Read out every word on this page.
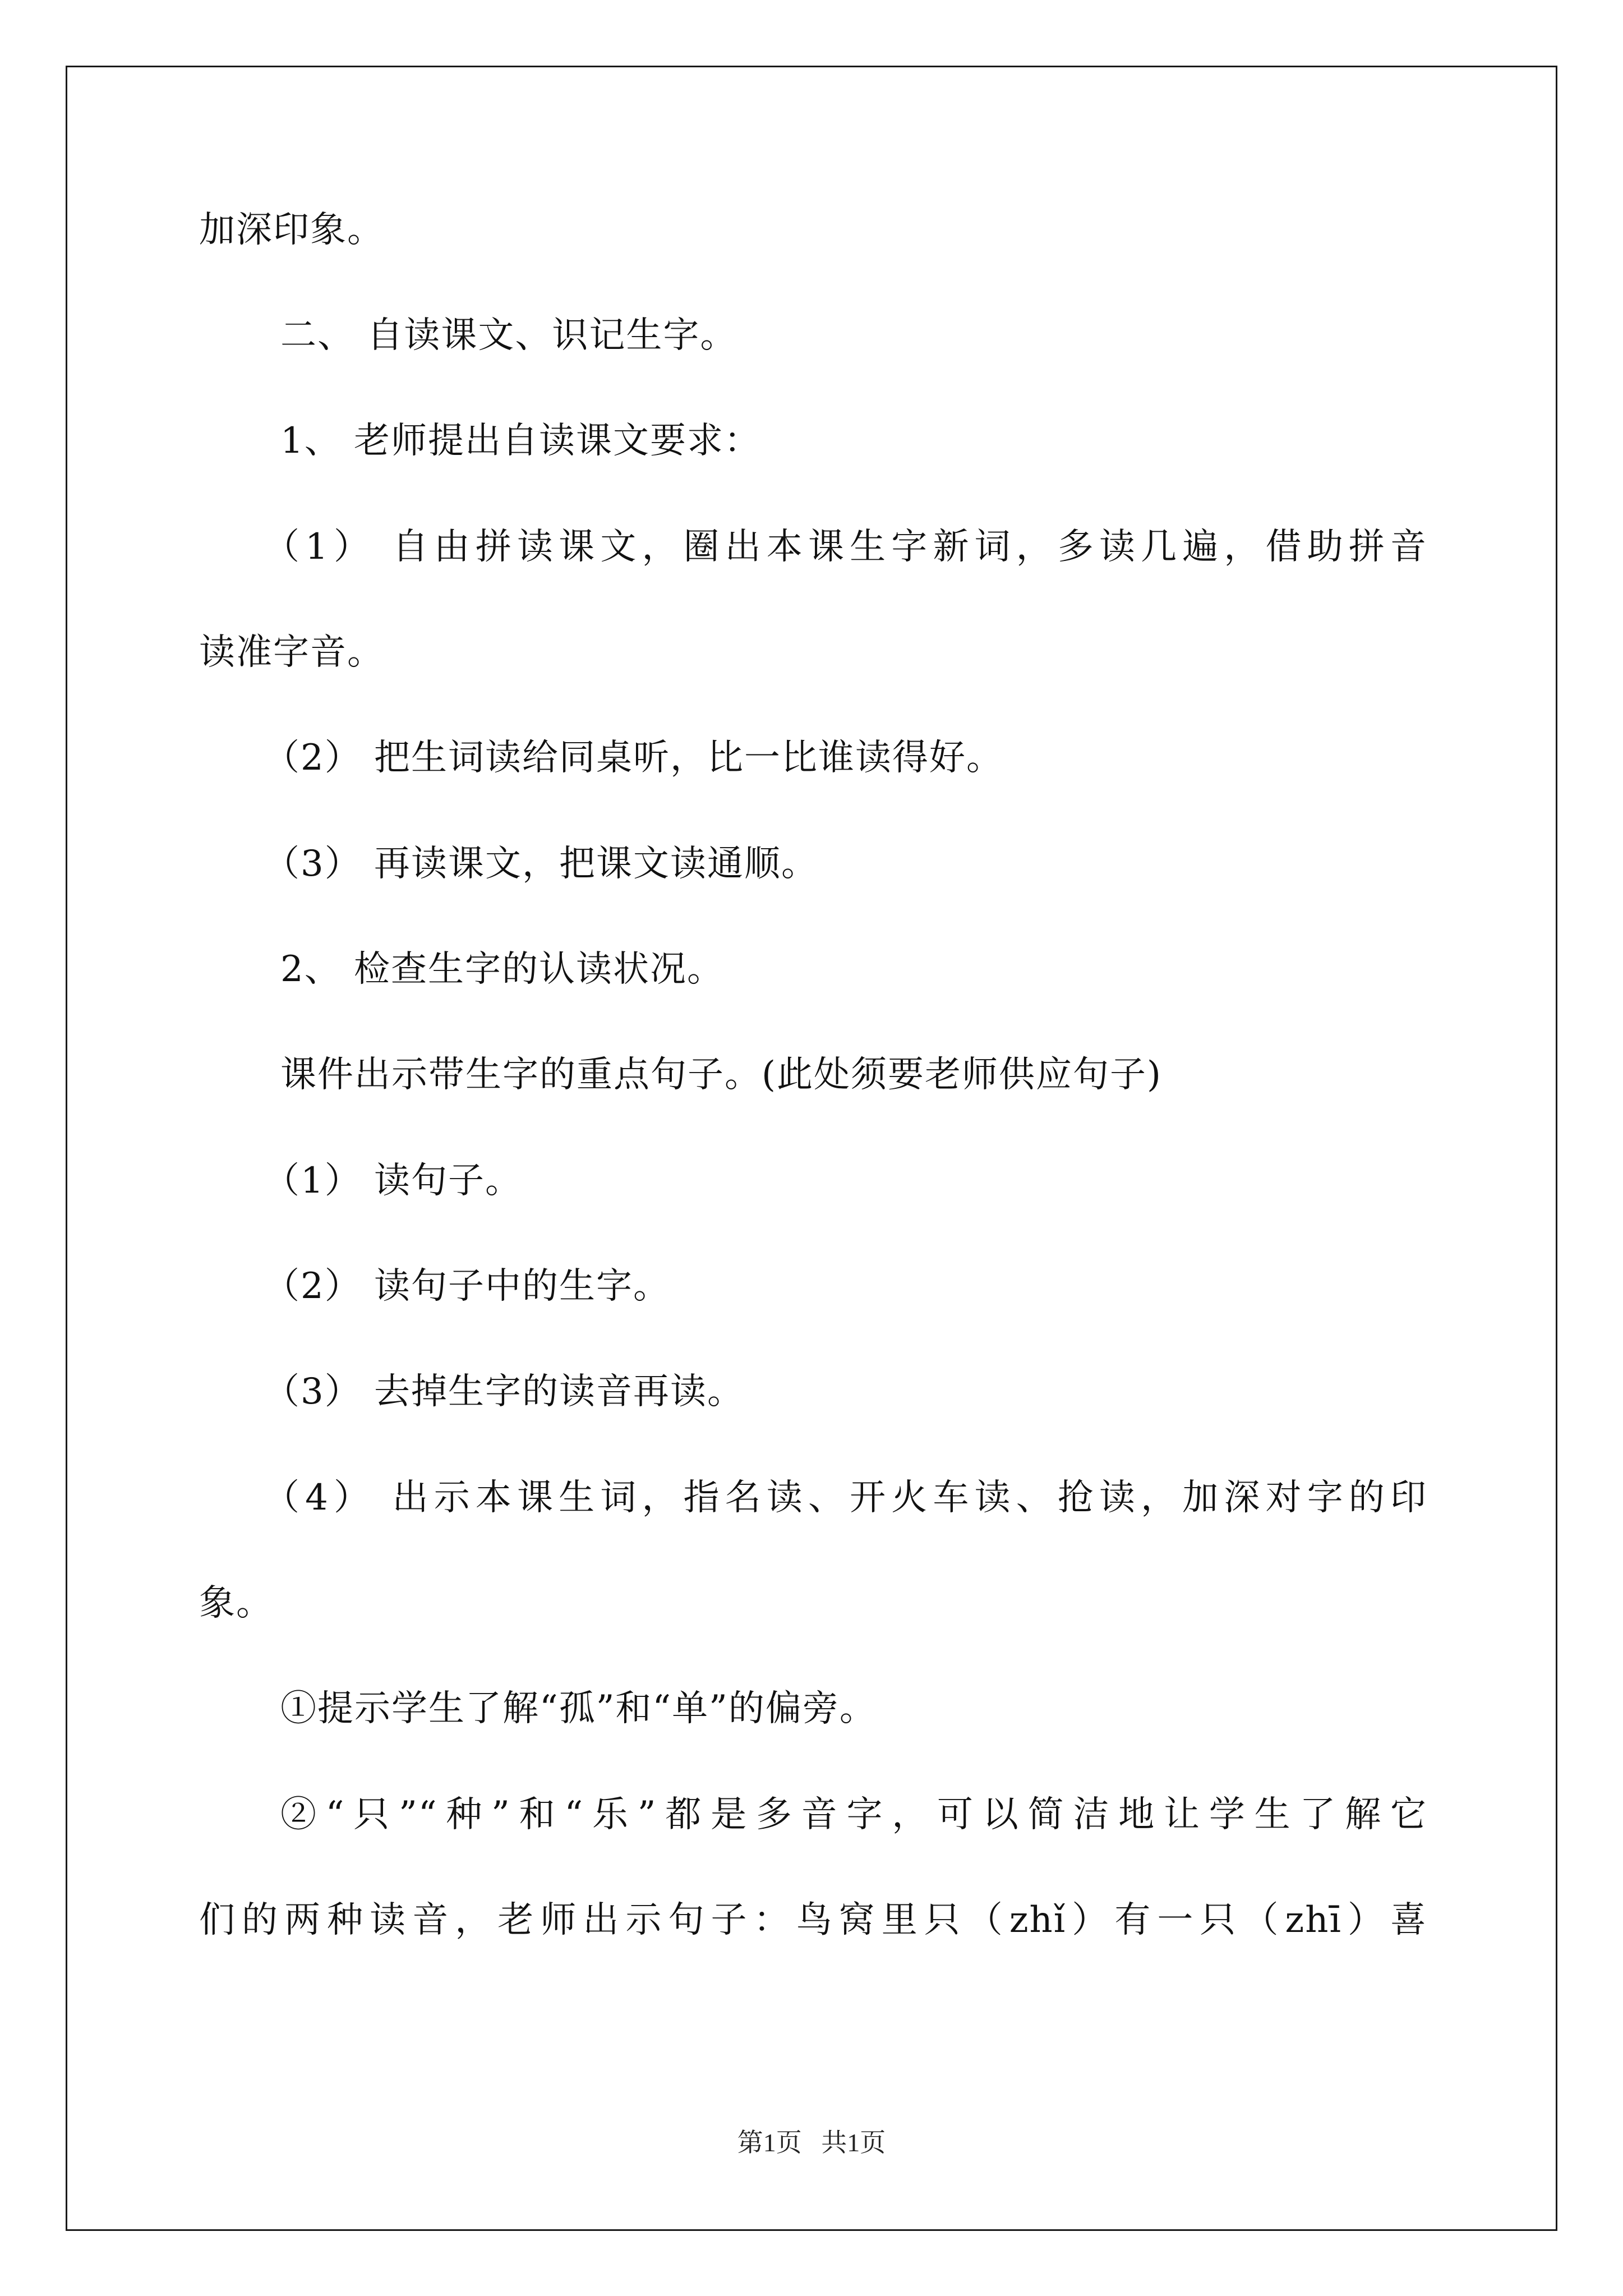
加深印象。
二、 自读课文、识记生字。
1、 老师提出自读课文要求：
（1） 自由拼读课文，圈出本课生字新词，多读几遍，借助拼音
读准字音。
（2） 把生词读给同桌听，比一比谁读得好。
（3） 再读课文，把课文读通顺。
2、 检查生字的认读状况。
课件出示带生字的重点句子。(此处须要老师供应句子)
（1） 读句子。
（2） 读句子中的生字。
（3） 去掉生字的读音再读。
（4） 出示本课生词，指名读、开火车读、抢读，加深对字的印
象。
①提示学生了解“孤”和“单”的偏旁。
②“只”“种”和“乐”都是多音字，可以简洁地让学生了解它
们的两种读音，老师出示句子：鸟窝里只（zhǐ）有一只（zhī）喜
第1页   共1页
